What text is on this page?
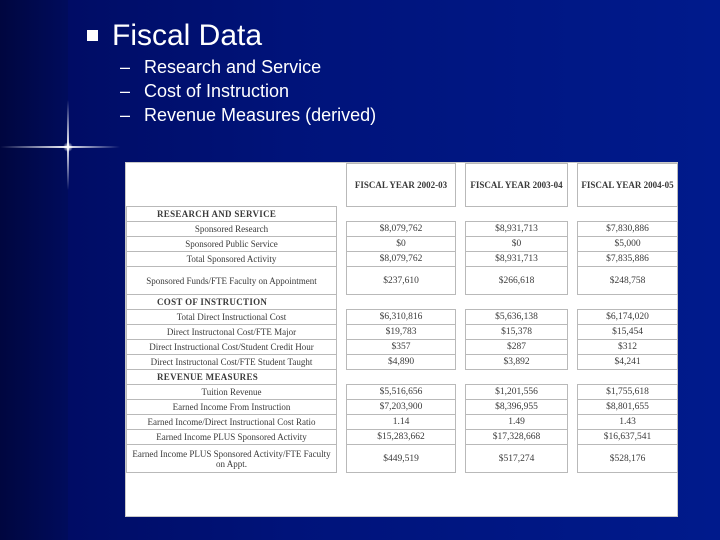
Fiscal Data
– Research and Service
– Cost of Instruction
– Revenue Measures (derived)
		FISCAL YEAR 2002-03		FISCAL YEAR 2003-04		FISCAL YEAR 2004-05
RESEARCH AND SERVICE						
Sponsored Research		$8,079,762		$8,931,713		$7,830,886
Sponsored Public Service		$0		$0		$5,000
Total Sponsored Activity		$8,079,762		$8,931,713		$7,835,886
Sponsored Funds/FTE Faculty on Appointment		$237,610		$266,618		$248,758
COST OF INSTRUCTION						
Total Direct Instructional Cost		$6,310,816		$5,636,138		$6,174,020
Direct Instructonal Cost/FTE Major		$19,783		$15,378		$15,454
Direct Instructional Cost/Student Credit Hour		$357		$287		$312
Direct Instructonal Cost/FTE Student Taught		$4,890		$3,892		$4,241
REVENUE MEASURES						
Tuition Revenue		$5,516,656		$1,201,556		$1,755,618
Earned Income From Instruction		$7,203,900		$8,396,955		$8,801,655
Earned Income/Direct Instructional Cost Ratio		1.14		1.49		1.43
Earned Income PLUS Sponsored Activity		$15,283,662		$17,328,668		$16,637,541
Earned Income PLUS Sponsored Activity/FTE Faculty on Appt.		$449,519		$517,274		$528,176
